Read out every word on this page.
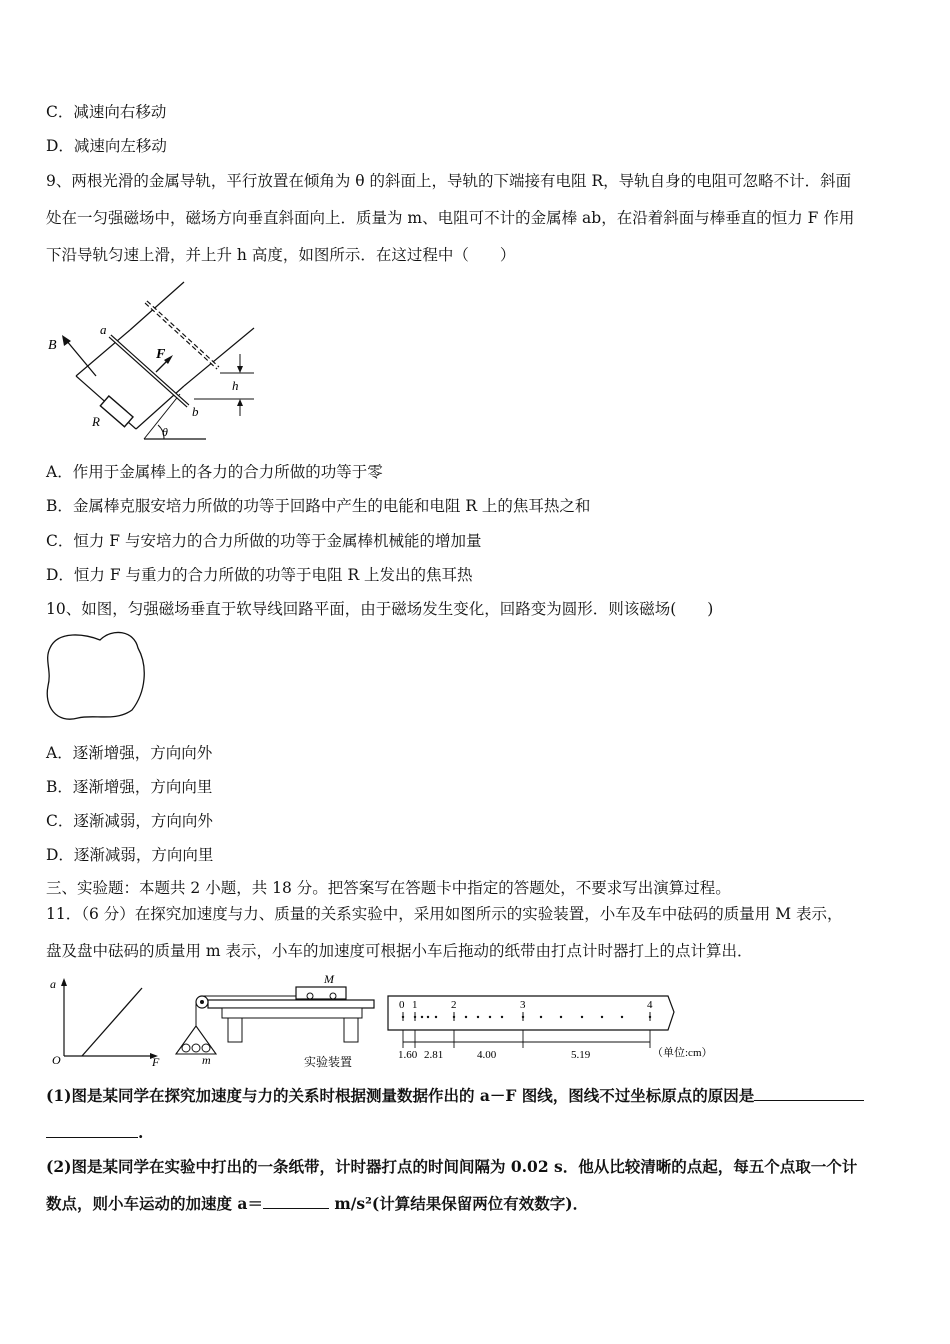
C．减速向右移动
D．减速向左移动
9、两根光滑的金属导轨，平行放置在倾角为 θ 的斜面上，导轨的下端接有电阻 R，导轨自身的电阻可忽略不计．斜面
处在一匀强磁场中，磁场方向垂直斜面向上．质量为 m、电阻可不计的金属棒 ab，在沿着斜面与棒垂直的恒力 F 作用
下沿导轨匀速上滑，并上升 h 高度，如图所示．在这过程中（　　）
B
F
a
b
h
R
θ
A．作用于金属棒上的各力的合力所做的功等于零
B．金属棒克服安培力所做的功等于回路中产生的电能和电阻 R 上的焦耳热之和
C．恒力 F 与安培力的合力所做的功等于金属棒机械能的增加量
D．恒力 F 与重力的合力所做的功等于电阻 R 上发出的焦耳热
10、如图，匀强磁场垂直于软导线回路平面，由于磁场发生变化，回路变为圆形．则该磁场(　　)
A．逐渐增强，方向向外
B．逐渐增强，方向向里
C．逐渐减弱，方向向外
D．逐渐减弱，方向向里
三、实验题：本题共 2 小题，共 18 分。把答案写在答题卡中指定的答题处，不要求写出演算过程。
11．（6 分）在探究加速度与力、质量的关系实验中，采用如图所示的实验装置，小车及车中砝码的质量用 M 表示，
盘及盘中砝码的质量用 m 表示，小车的加速度可根据小车后拖动的纸带由打点计时器打上的点计算出．
a
O	F
M
m	实验装置
0 1	2	3	4
1.60 2.81	4.00	5.19	（单位:cm）
(1)图是某同学在探究加速度与力的关系时根据测量数据作出的 a－F 图线，图线不过坐标原点的原因是
.
(2)图是某同学在实验中打出的一条纸带，计时器打点的时间间隔为 0.02 s．他从比较清晰的点起，每五个点取一个计
数点，则小车运动的加速度 a＝	m/s²(计算结果保留两位有效数字)．
